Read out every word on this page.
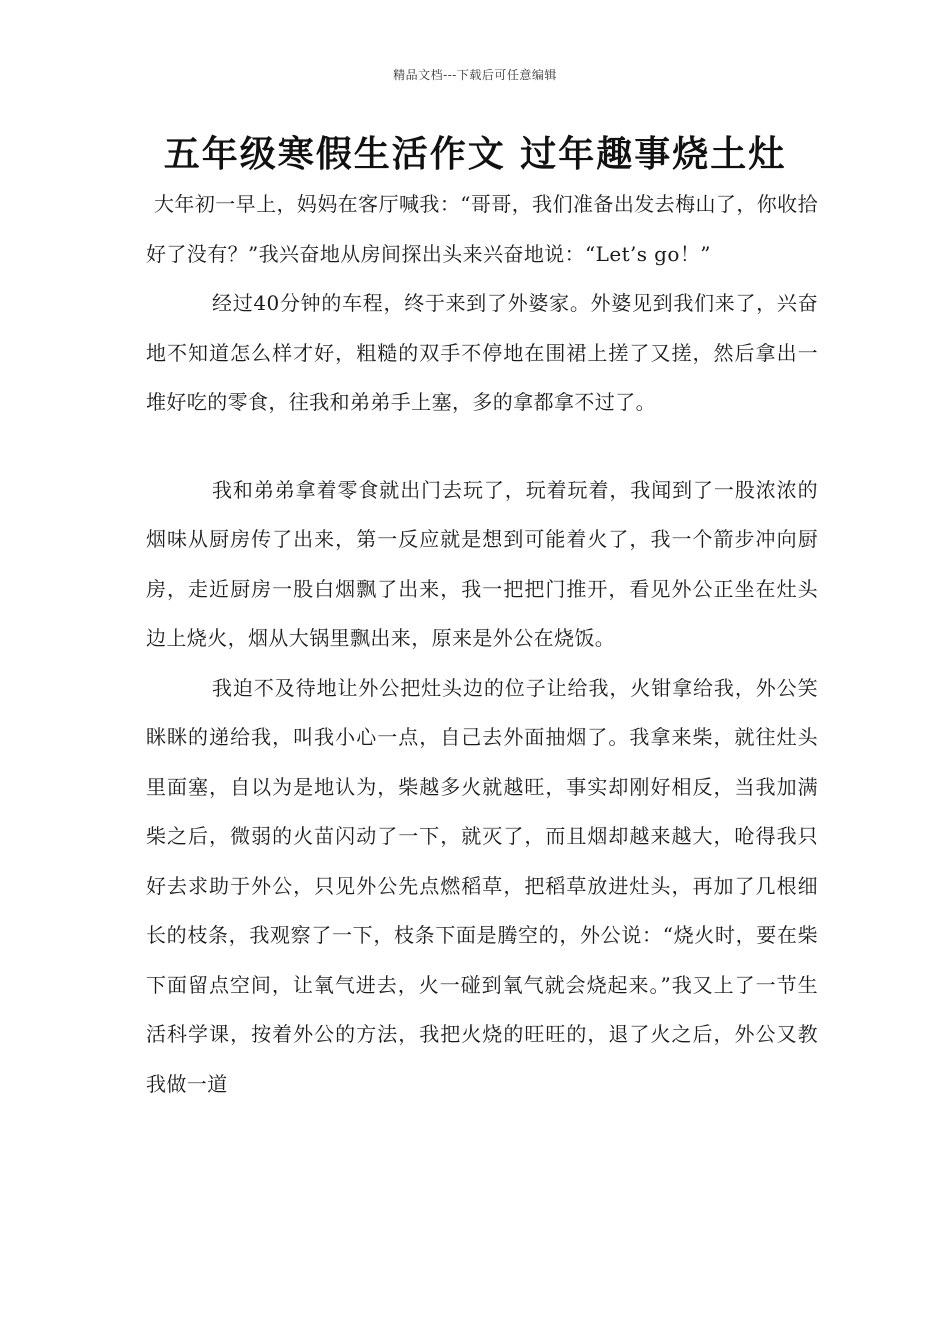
精品文档---下载后可任意编辑
五年级寒假生活作文 过年趣事烧土灶

大年初一早上，妈妈在客厅喊我：“哥哥，我们准备出发去梅山了，你收拾好了没有？”我兴奋地从房间探出头来兴奋地说：“Let’s go！”

经过40分钟的车程，终于来到了外婆家。外婆见到我们来了，兴奋地不知道怎么样才好，粗糙的双手不停地在围裙上搓了又搓，然后拿出一堆好吃的零食，往我和弟弟手上塞，多的拿都拿不过了。

我和弟弟拿着零食就出门去玩了，玩着玩着，我闻到了一股浓浓的烟味从厨房传了出来，第一反应就是想到可能着火了，我一个箭步冲向厨房，走近厨房一股白烟飘了出来，我一把把门推开，看见外公正坐在灶头边上烧火，烟从大锅里飘出来，原来是外公在烧饭。

我迫不及待地让外公把灶头边的位子让给我，火钳拿给我，外公笑眯眯的递给我，叫我小心一点，自己去外面抽烟了。我拿来柴，就往灶头里面塞，自以为是地认为，柴越多火就越旺，事实却刚好相反，当我加满柴之后，微弱的火苗闪动了一下，就灭了，而且烟却越来越大，呛得我只好去求助于外公，只见外公先点燃稻草，把稻草放进灶头，再加了几根细长的枝条，我观察了一下，枝条下面是腾空的，外公说：“烧火时，要在柴下面留点空间，让氧气进去，火一碰到氧气就会烧起来。”我又上了一节生活科学课，按着外公的方法，我把火烧的旺旺的，退了火之后，外公又教我做一道
